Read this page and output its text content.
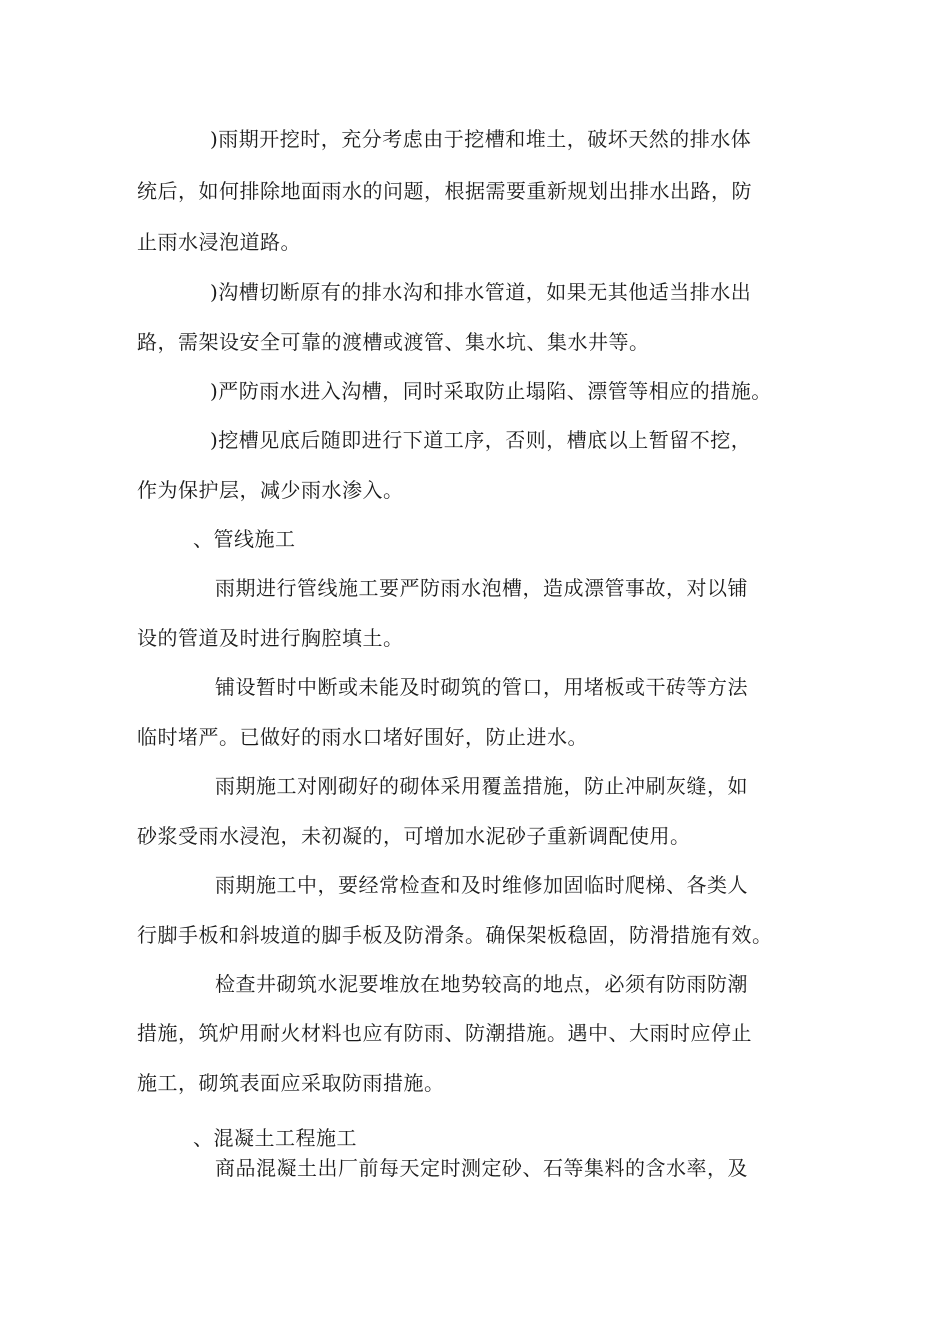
)雨期开挖时，充分考虑由于挖槽和堆土，破坏天然的排水体
统后，如何排除地面雨水的问题，根据需要重新规划出排水出路，防
止雨水浸泡道路。
)沟槽切断原有的排水沟和排水管道，如果无其他适当排水出
路，需架设安全可靠的渡槽或渡管、集水坑、集水井等。
)严防雨水进入沟槽，同时采取防止塌陷、漂管等相应的措施。
)挖槽见底后随即进行下道工序，否则，槽底以上暂留不挖，
作为保护层，减少雨水渗入。
、管线施工
雨期进行管线施工要严防雨水泡槽，造成漂管事故，对以铺
设的管道及时进行胸腔填土。
铺设暂时中断或未能及时砌筑的管口，用堵板或干砖等方法
临时堵严。已做好的雨水口堵好围好，防止进水。
雨期施工对刚砌好的砌体采用覆盖措施，防止冲刷灰缝，如
砂浆受雨水浸泡，未初凝的，可增加水泥砂子重新调配使用。
雨期施工中，要经常检查和及时维修加固临时爬梯、各类人
行脚手板和斜坡道的脚手板及防滑条。确保架板稳固，防滑措施有效。
检查井砌筑水泥要堆放在地势较高的地点，必须有防雨防潮
措施，筑炉用耐火材料也应有防雨、防潮措施。遇中、大雨时应停止
施工，砌筑表面应采取防雨措施。
、混凝土工程施工
商品混凝土出厂前每天定时测定砂、石等集料的含水率，及
